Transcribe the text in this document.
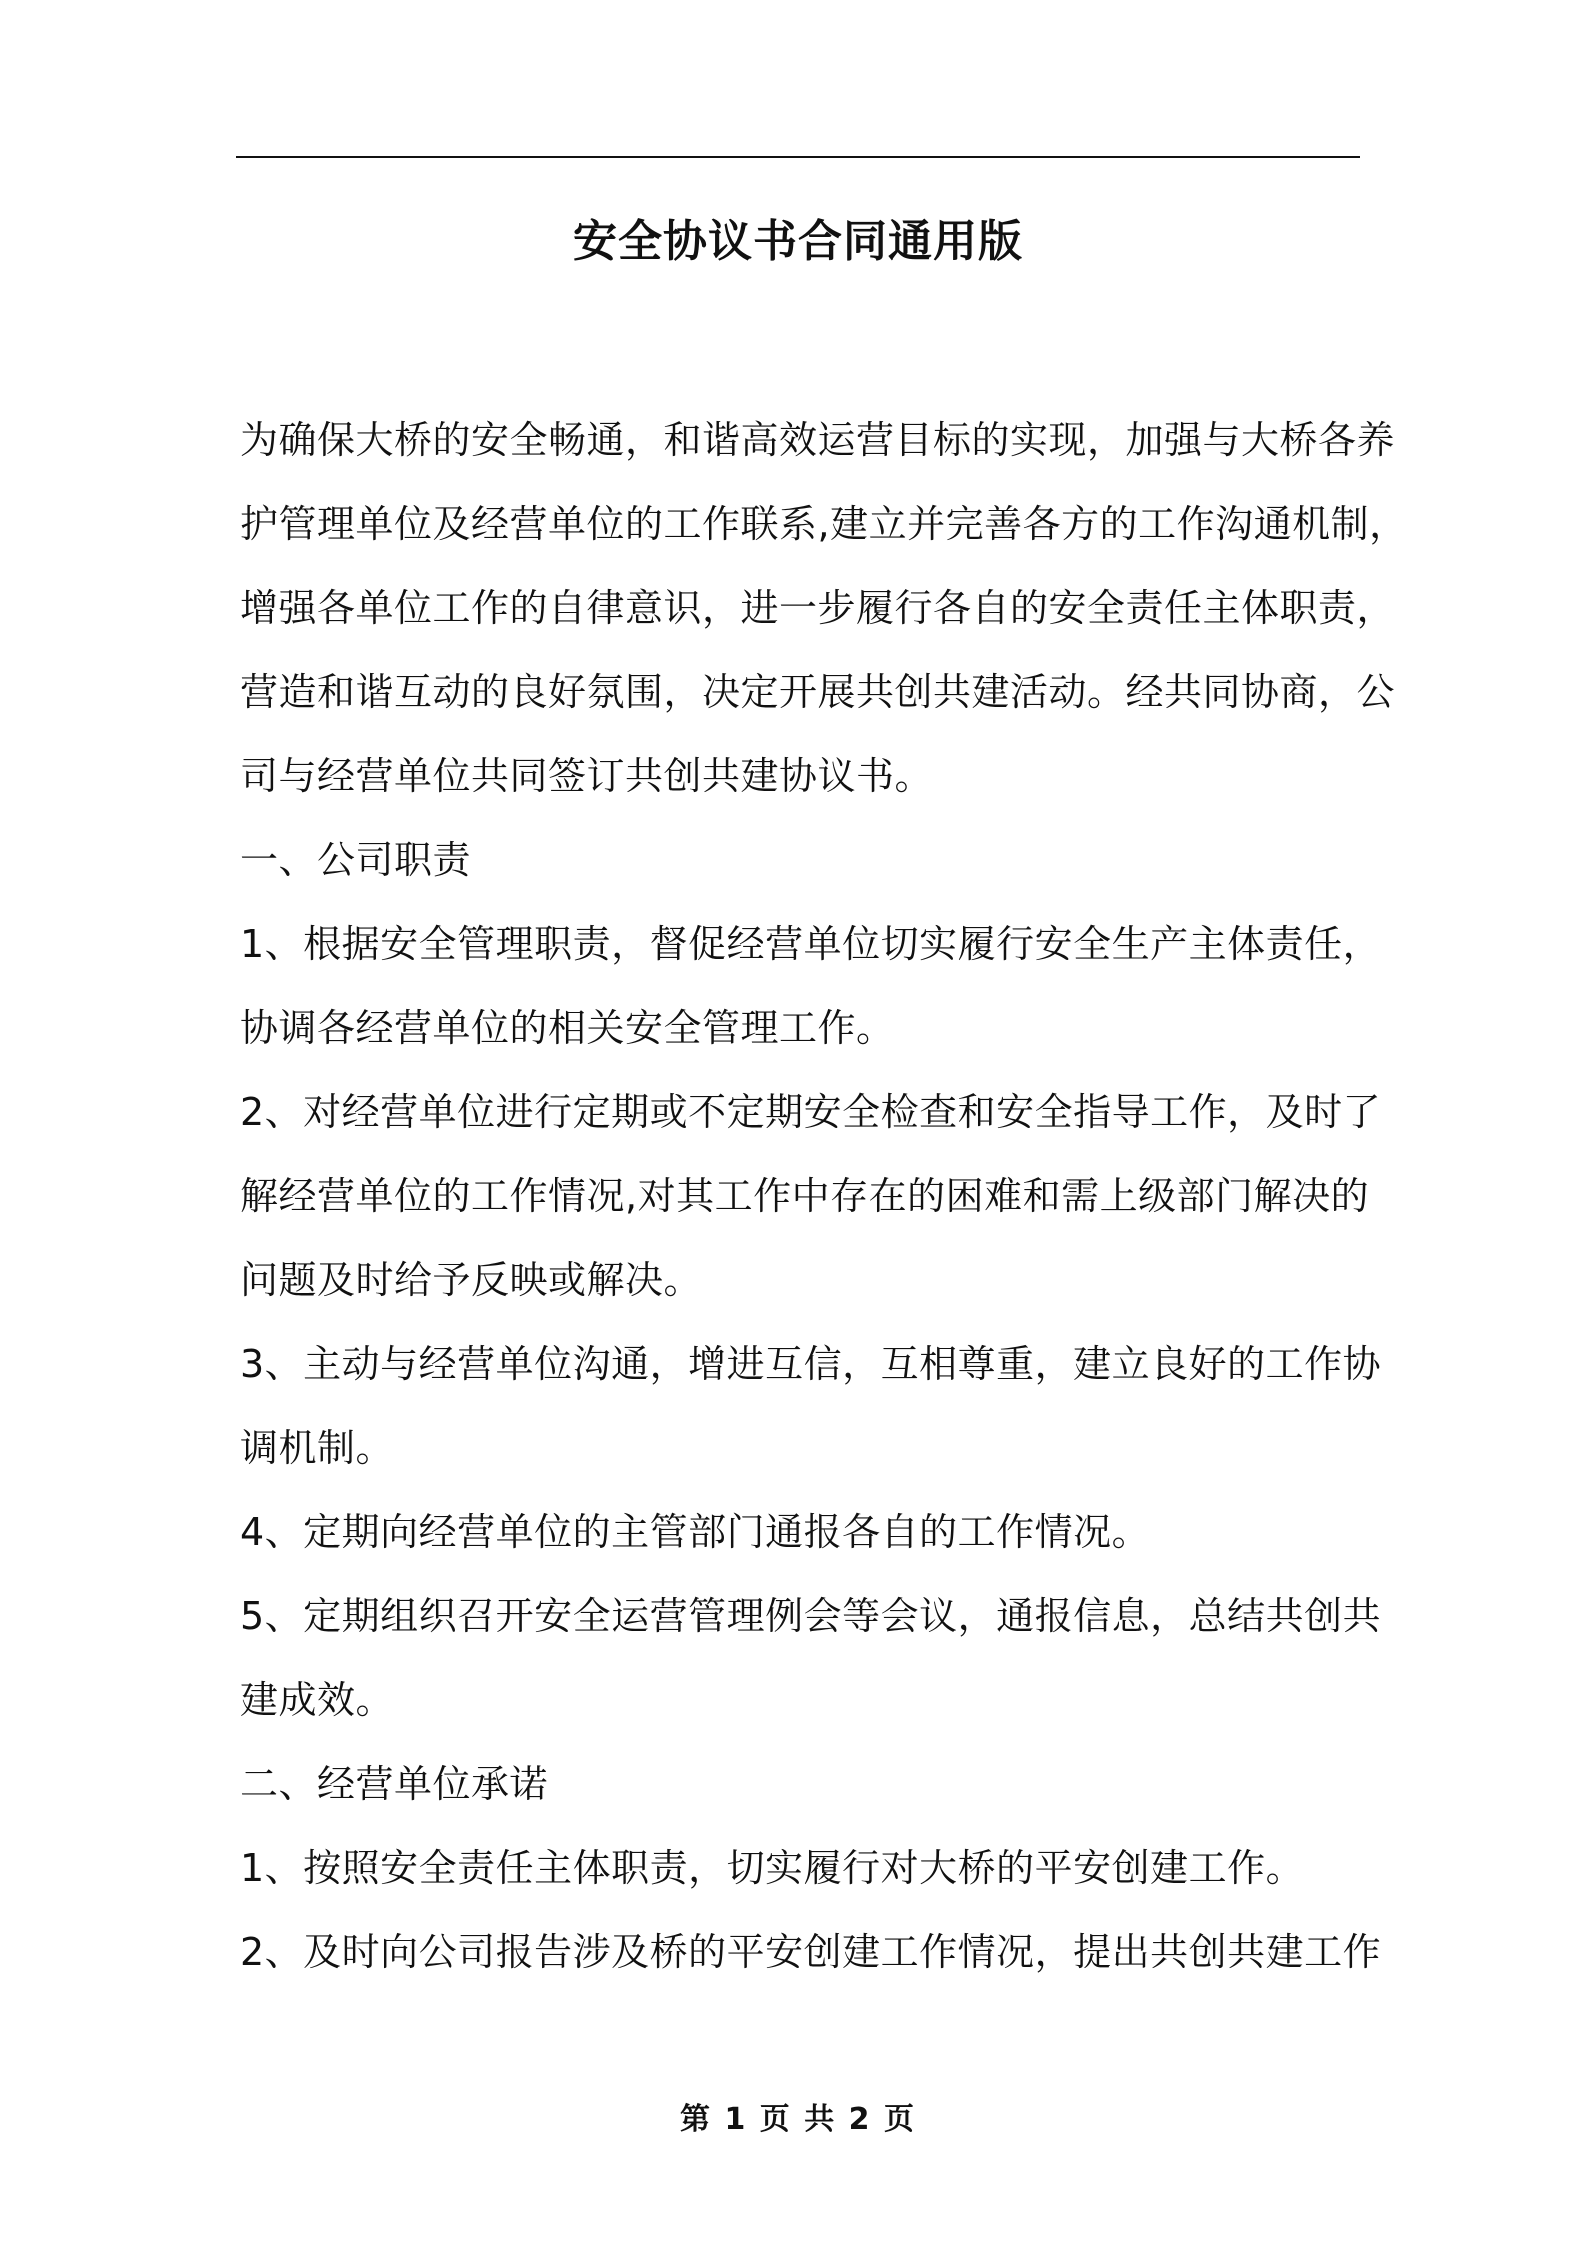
安全协议书合同通用版
为确保大桥的安全畅通，和谐高效运营目标的实现，加强与大桥各养
护管理单位及经营单位的工作联系,建立并完善各方的工作沟通机制，
增强各单位工作的自律意识，进一步履行各自的安全责任主体职责，
营造和谐互动的良好氛围，决定开展共创共建活动。经共同协商，公
司与经营单位共同签订共创共建协议书。
一、公司职责
1、根据安全管理职责，督促经营单位切实履行安全生产主体责任，
协调各经营单位的相关安全管理工作。
2、对经营单位进行定期或不定期安全检查和安全指导工作，及时了
解经营单位的工作情况,对其工作中存在的困难和需上级部门解决的
问题及时给予反映或解决。
3、主动与经营单位沟通，增进互信，互相尊重，建立良好的工作协
调机制。
4、定期向经营单位的主管部门通报各自的工作情况。
5、定期组织召开安全运营管理例会等会议，通报信息，总结共创共
建成效。
二、经营单位承诺
1、按照安全责任主体职责，切实履行对大桥的平安创建工作。
2、及时向公司报告涉及桥的平安创建工作情况，提出共创共建工作
第 1 页 共 2 页
